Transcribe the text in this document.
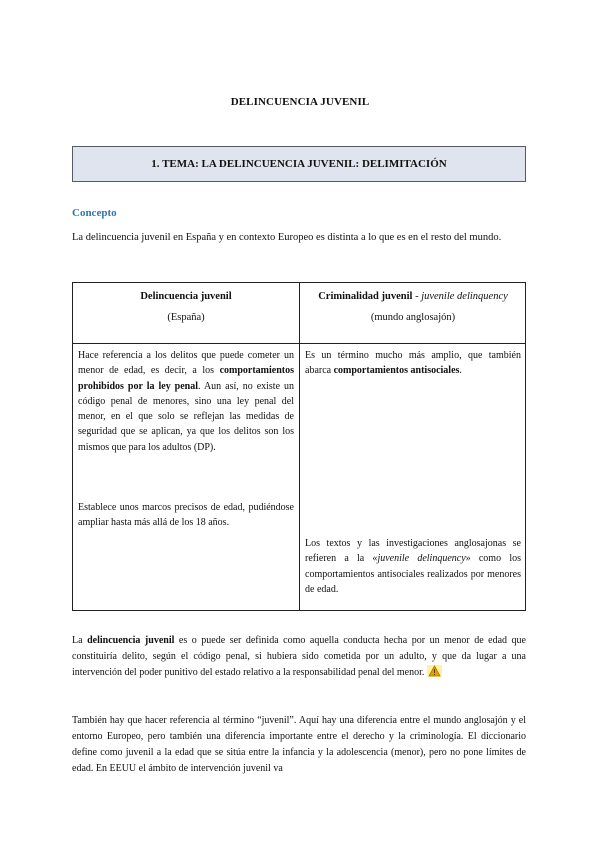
DELINCUENCIA JUVENIL
1. TEMA: LA DELINCUENCIA JUVENIL: DELIMITACIÓN
Concepto
La delincuencia juvenil en España y en contexto Europeo es distinta a lo que es en el resto del mundo.
Delincuencia juvenil
(España)
Criminalidad juvenil - juvenile delinquency
(mundo anglosajón)
Hace referencia a los delitos que puede cometer un menor de edad, es decir, a los comportamientos prohibidos por la ley penal. Aun así, no existe un código penal de menores, sino una ley penal del menor, en el que solo se reflejan las medidas de seguridad que se aplican, ya que los delitos son los mismos que para los adultos (DP).
Establece unos marcos precisos de edad, pudiéndose ampliar hasta más allá de los 18 años.
Es un término mucho más amplio, que también abarca comportamientos antisociales.
Los textos y las investigaciones anglosajonas se refieren a la «juvenile delinquency» como los comportamientos antisociales realizados por menores de edad.
La delincuencia juvenil es o puede ser definida como aquella conducta hecha por un menor de edad que constituiría delito, según el código penal, si hubiera sido cometida por un adulto, y que da lugar a una intervención del poder punitivo del estado relativo a la responsabilidad penal del menor.
También hay que hacer referencia al término “juvenil”. Aquí hay una diferencia entre el mundo anglosajón y el entorno Europeo, pero también una diferencia importante entre el derecho y la criminología. El diccionario define como juvenil a la edad que se sitúa entre la infancia y la adolescencia (menor), pero no pone límites de edad. En EEUU el ámbito de intervención juvenil va
